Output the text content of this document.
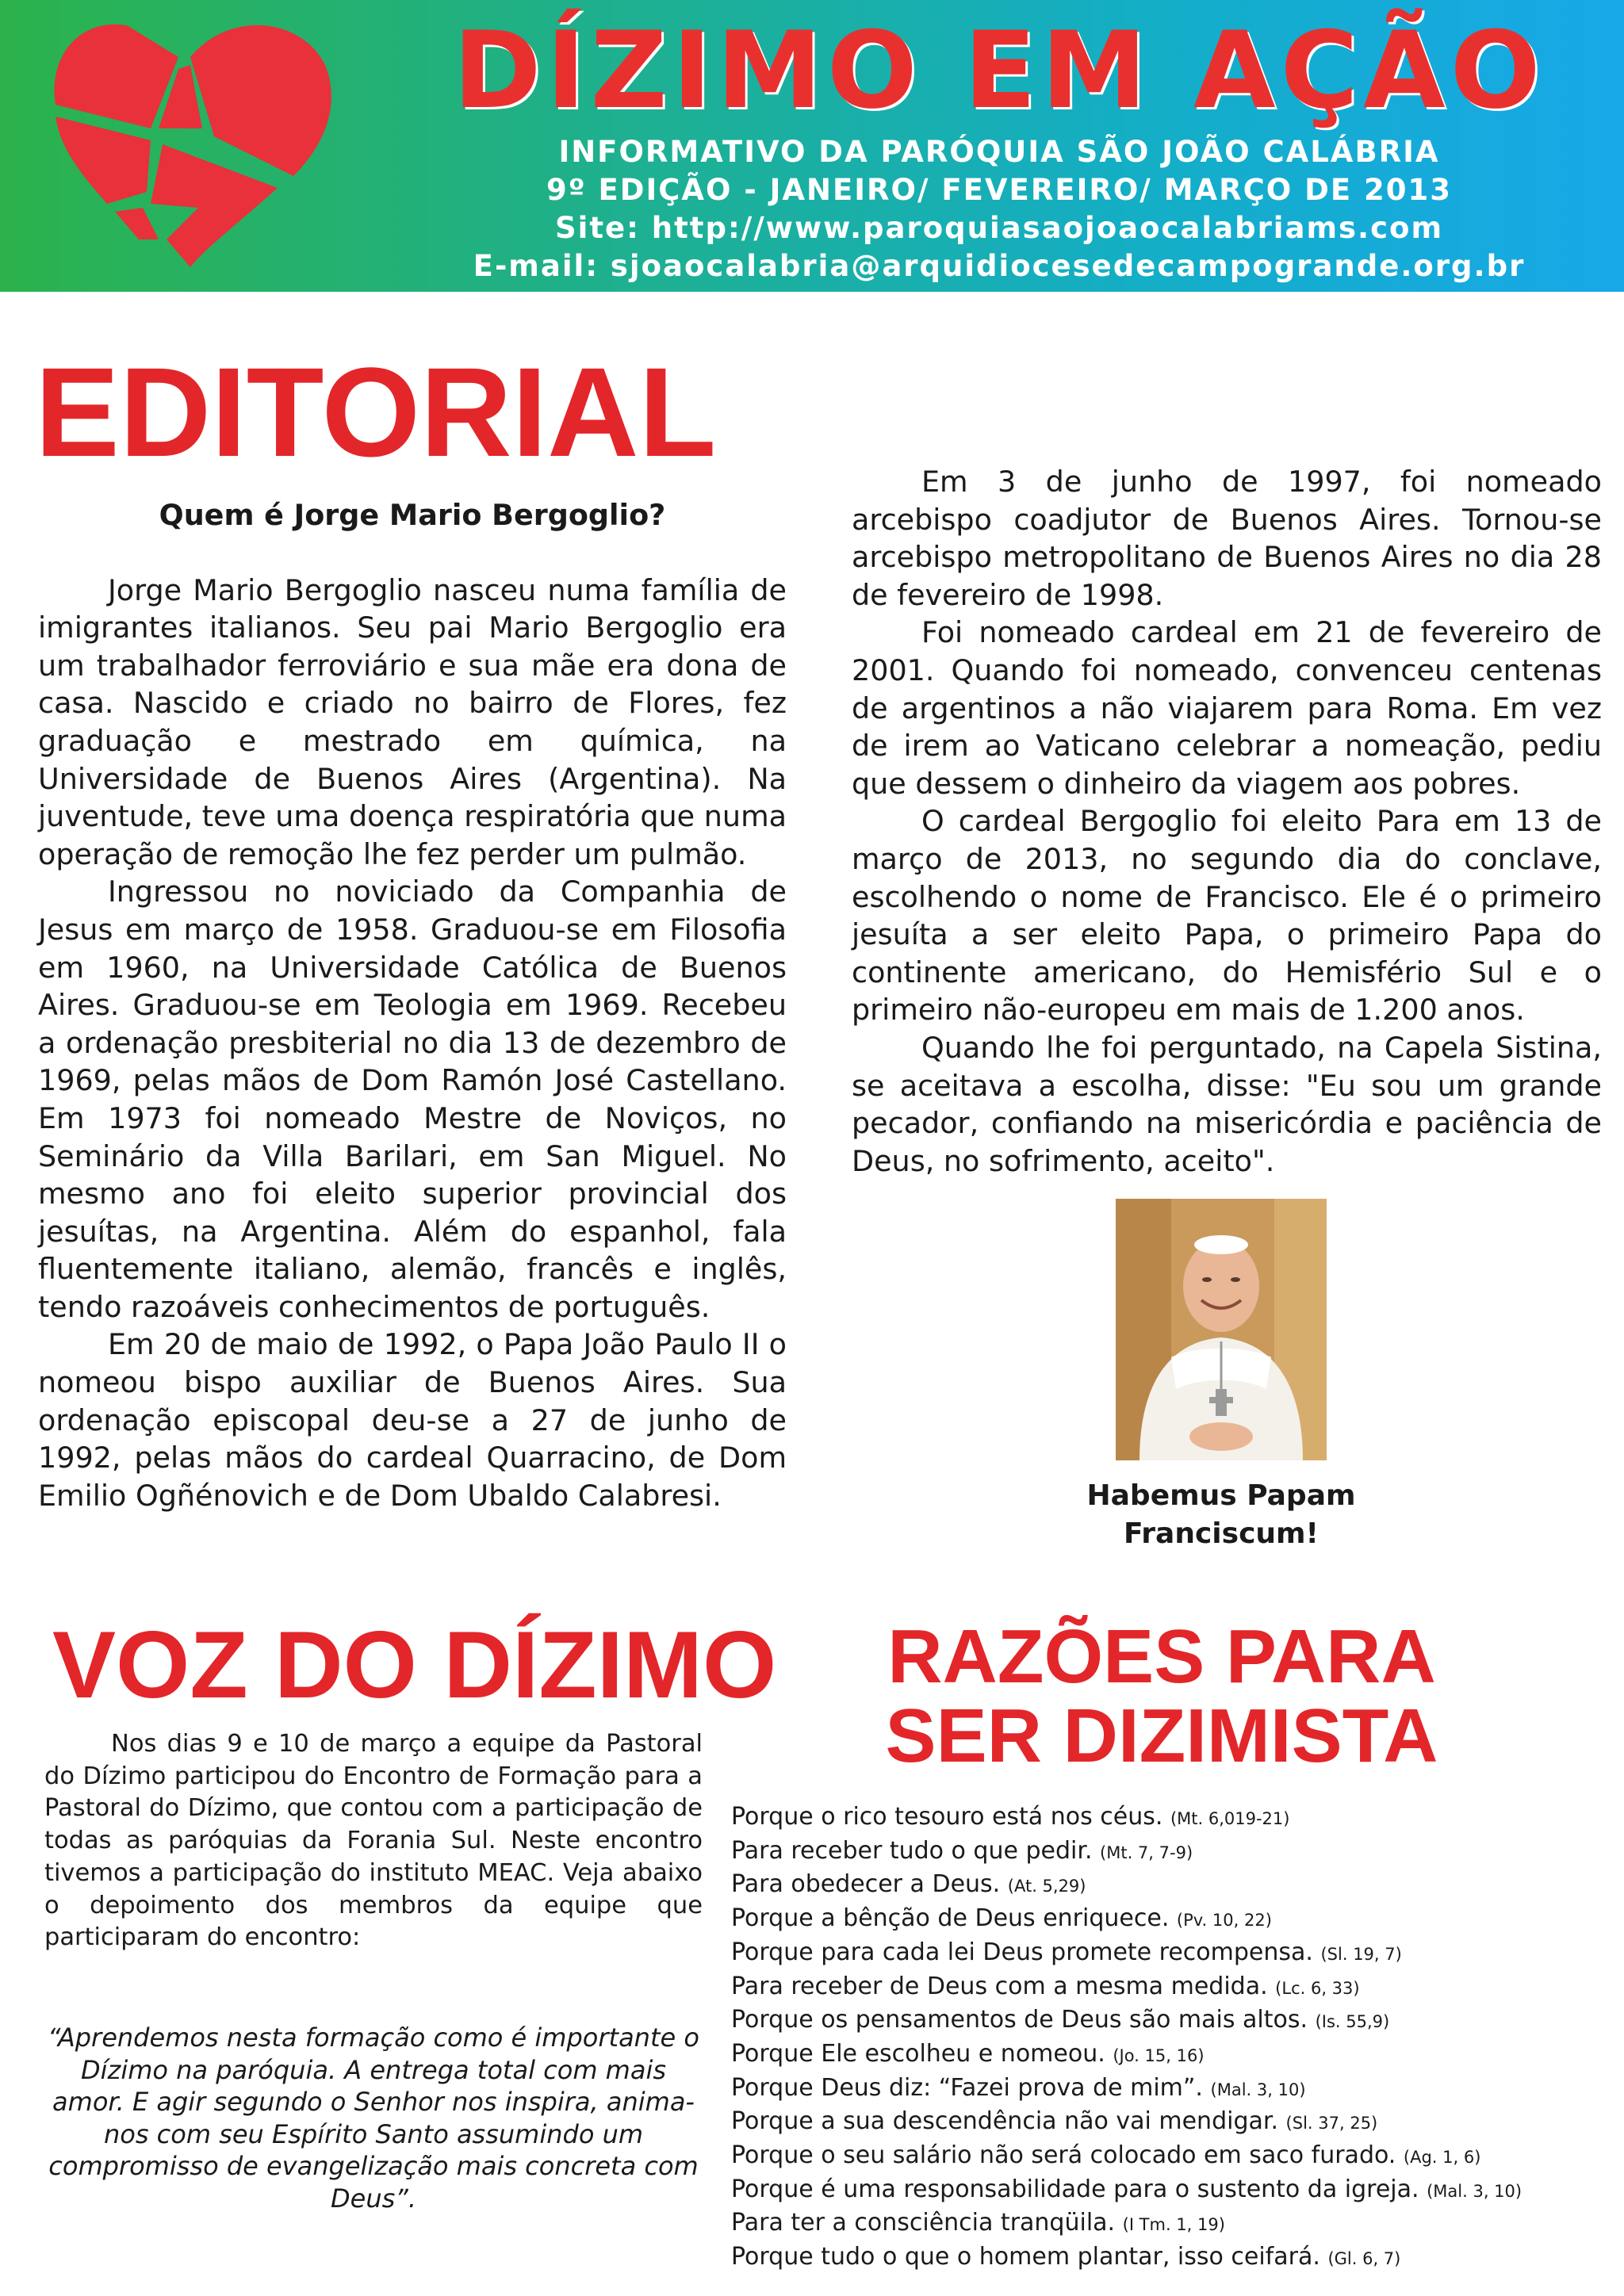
DÍZIMO EM AÇÃO
INFORMATIVO DA PARÓQUIA SÃO JOÃO CALÁBRIA
9º EDIÇÃO - JANEIRO/ FEVEREIRO/ MARÇO DE 2013
Site: http://www.paroquiasaojoaocalabriams.com
E-mail: sjoaocalabria@arquidiocesedecampogrande.org.br
EDITORIAL

Quem é Jorge Mario Bergoglio?

Jorge Mario Bergoglio nasceu numa família de imigrantes italianos. Seu pai Mario Bergoglio era um trabalhador ferroviário e sua mãe era dona de casa. Nascido e criado no bairro de Flores, fez graduação e mestrado em química, na Universidade de Buenos Aires (Argentina). Na juventude, teve uma doença respiratória que numa operação de remoção lhe fez perder um pulmão.

Ingressou no noviciado da Companhia de Jesus em março de 1958. Graduou-se em Filosofia em 1960, na Universidade Católica de Buenos Aires. Graduou-se em Teologia em 1969. Recebeu a ordenação presbiterial no dia 13 de dezembro de 1969, pelas mãos de Dom Ramón José Castellano. Em 1973 foi nomeado Mestre de Noviços, no Seminário da Villa Barilari, em San Miguel. No mesmo ano foi eleito superior provincial dos jesuítas, na Argentina. Além do espanhol, fala fluentemente italiano, alemão, francês e inglês, tendo razoáveis conhecimentos de português.

Em 20 de maio de 1992, o Papa João Paulo II o nomeou bispo auxiliar de Buenos Aires. Sua ordenação episcopal deu-se a 27 de junho de 1992, pelas mãos do cardeal Quarracino, de Dom Emilio Ogñénovich e de Dom Ubaldo Calabresi.

Em 3 de junho de 1997, foi nomeado arcebispo coadjutor de Buenos Aires. Tornou-se arcebispo metropolitano de Buenos Aires no dia 28 de fevereiro de 1998.

Foi nomeado cardeal em 21 de fevereiro de 2001. Quando foi nomeado, convenceu centenas de argentinos a não viajarem para Roma. Em vez de irem ao Vaticano celebrar a nomeação, pediu que dessem o dinheiro da viagem aos pobres.

O cardeal Bergoglio foi eleito Para em 13 de março de 2013, no segundo dia do conclave, escolhendo o nome de Francisco. Ele é o primeiro jesuíta a ser eleito Papa, o primeiro Papa do continente americano, do Hemisfério Sul e o primeiro não-europeu em mais de 1.200 anos.

Quando lhe foi perguntado, na Capela Sistina, se aceitava a escolha, disse: "Eu sou um grande pecador, confiando na misericórdia e paciência de Deus, no sofrimento, aceito".

Habemus Papam
Franciscum!
VOZ DO DÍZIMO

Nos dias 9 e 10 de março a equipe da Pastoral do Dízimo participou do Encontro de Formação para a Pastoral do Dízimo, que contou com a participação de todas as paróquias da Forania Sul. Neste encontro tivemos a participação do instituto MEAC. Veja abaixo o depoimento dos membros da equipe que participaram do encontro:

“Aprendemos nesta formação como é importante o Dízimo na paróquia. A entrega total com mais amor. E agir segundo o Senhor nos inspira, anima-nos com seu Espírito Santo assumindo um compromisso de evangelização mais concreta com Deus”.
RAZÕES PARA
SER DIZIMISTA
Porque o rico tesouro está nos céus. (Mt. 6,019-21)
Para receber tudo o que pedir. (Mt. 7, 7-9)
Para obedecer a Deus. (At. 5,29)
Porque a bênção de Deus enriquece. (Pv. 10, 22)
Porque para cada lei Deus promete recompensa. (Sl. 19, 7)
Para receber de Deus com a mesma medida. (Lc. 6, 33)
Porque os pensamentos de Deus são mais altos. (Is. 55,9)
Porque Ele escolheu e nomeou. (Jo. 15, 16)
Porque Deus diz: “Fazei prova de mim”. (Mal. 3, 10)
Porque a sua descendência não vai mendigar. (Sl. 37, 25)
Porque o seu salário não será colocado em saco furado. (Ag. 1, 6)
Porque é uma responsabilidade para o sustento da igreja. (Mal. 3, 10)
Para ter a consciência tranqüila. (I Tm. 1, 19)
Porque tudo o que o homem plantar, isso ceifará. (Gl. 6, 7)
